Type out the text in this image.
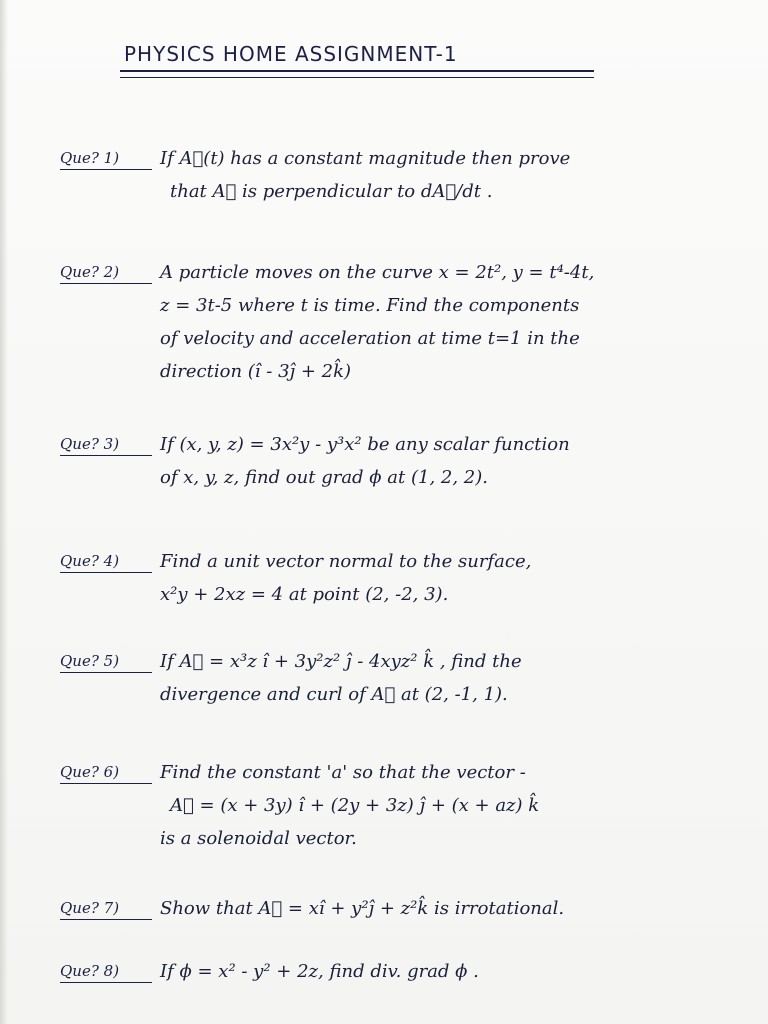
PHYSICS HOME ASSIGNMENT-1
Que? 1)	If A⃗(t) has a constant magnitude then prove
that A⃗ is perpendicular to dA⃗/dt .
Que? 2)	A particle moves on the curve x = 2t², y = t⁴-4t,
z = 3t-5 where t is time. Find the components
of velocity and acceleration at time t=1 in the
direction (î - 3ĵ + 2k̂)
Que? 3)	If (x, y, z) = 3x²y - y³x² be any scalar function
of x, y, z, find out grad ϕ at (1, 2, 2).
Que? 4)	Find a unit vector normal to the surface,
x²y + 2xz = 4 at point (2, -2, 3).
Que? 5)	If A⃗ = x³z î + 3y²z² ĵ - 4xyz² k̂ , find the
divergence and curl of A⃗ at (2, -1, 1).
Que? 6)	Find the constant 'a' so that the vector -
A⃗ = (x + 3y) î + (2y + 3z) ĵ + (x + az) k̂
is a solenoidal vector.
Que? 7)	Show that A⃗ = xî + y²ĵ + z²k̂ is irrotational.
Que? 8)	If ϕ = x² - y² + 2z, find div. grad ϕ .
